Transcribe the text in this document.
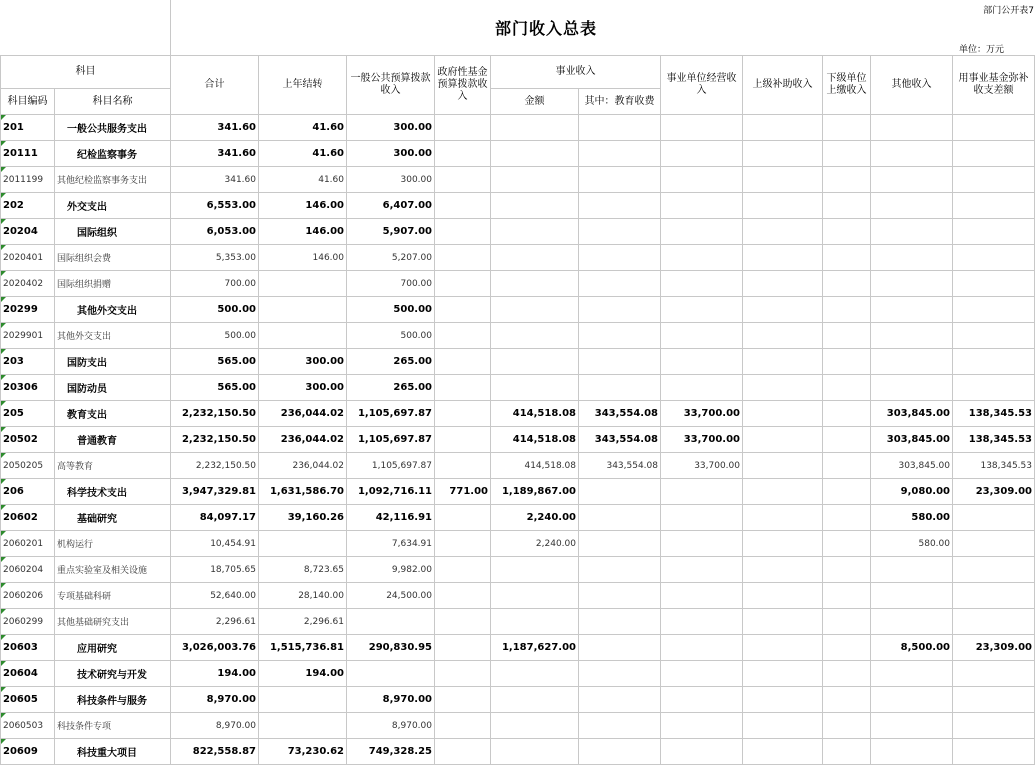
部门收入总表
部门公开表7
单位：万元
科目		合计	上年结转	一般公共预算拨款收入	政府性基金预算拨款收入	事业收入		事业单位经营收入	上级补助收入	下级单位上缴收入	其他收入	用事业基金弥补收支差额
科目编码	科目名称					金额	其中：教育收费					

201	一般公共服务支出	341.60	41.60	300.00								

20111	纪检监察事务	341.60	41.60	300.00								

2011199	其他纪检监察事务支出	341.60	41.60	300.00								

202	外交支出	6,553.00	146.00	6,407.00								

20204	国际组织	6,053.00	146.00	5,907.00								

2020401	国际组织会费	5,353.00	146.00	5,207.00								

2020402	国际组织捐赠	700.00		700.00								

20299	其他外交支出	500.00		500.00								

2029901	其他外交支出	500.00		500.00								

203	国防支出	565.00	300.00	265.00								

20306	国防动员	565.00	300.00	265.00								

205	教育支出	2,232,150.50	236,044.02	1,105,697.87		414,518.08	343,554.08	33,700.00			303,845.00	138,345.53

20502	普通教育	2,232,150.50	236,044.02	1,105,697.87		414,518.08	343,554.08	33,700.00			303,845.00	138,345.53

2050205	高等教育	2,232,150.50	236,044.02	1,105,697.87		414,518.08	343,554.08	33,700.00			303,845.00	138,345.53

206	科学技术支出	3,947,329.81	1,631,586.70	1,092,716.11	771.00	1,189,867.00					9,080.00	23,309.00

20602	基础研究	84,097.17	39,160.26	42,116.91		2,240.00					580.00	

2060201	机构运行	10,454.91		7,634.91		2,240.00					580.00	

2060204	重点实验室及相关设施	18,705.65	8,723.65	9,982.00								

2060206	专项基础科研	52,640.00	28,140.00	24,500.00								

2060299	其他基础研究支出	2,296.61	2,296.61									

20603	应用研究	3,026,003.76	1,515,736.81	290,830.95		1,187,627.00					8,500.00	23,309.00

20604	技术研究与开发	194.00	194.00									

20605	科技条件与服务	8,970.00		8,970.00								

2060503	科技条件专项	8,970.00		8,970.00								

20609	科技重大项目	822,558.87	73,230.62	749,328.25								
